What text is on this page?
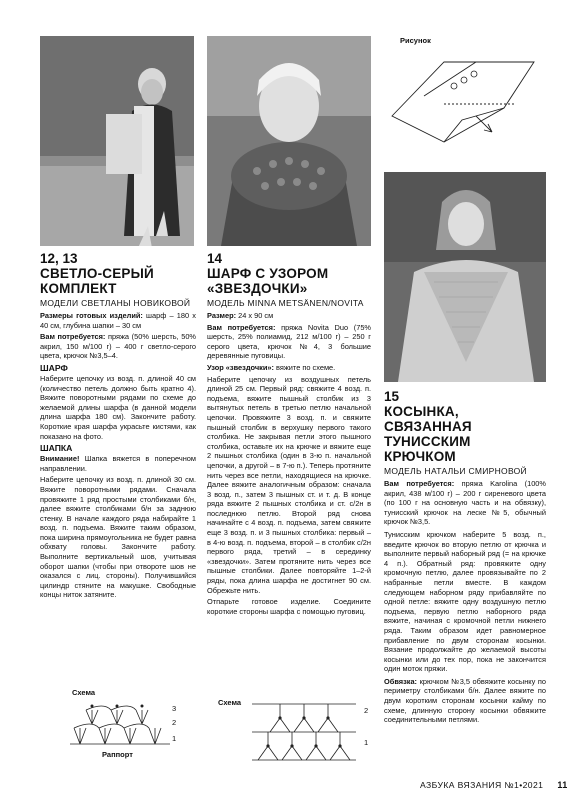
12, 13
СВЕТЛО-СЕРЫЙ
КОМПЛЕКТ
МОДЕЛИ СВЕТЛАНЫ НОВИКОВОЙ

Размеры готовых изделий: шарф – 180 х 40 см, глубина шапки – 30 см

Вам потребуется: пряжа (50% шерсть, 50% акрил, 150 м/100 г) – 400 г светло-серого цвета, крючок №3,5–4.

ШАРФ

Наберите цепочку из возд. п. длиной 40 см (количество петель должно быть кратно 4). Вяжите поворотными рядами по схеме до желаемой длины шарфа (в данной модели длина шарфа 180 см). Закончите работу. Короткие края шарфа украсьте кистями, как показано на фото.

ШАПКА

Внимание! Шапка вяжется в поперечном направлении.

Наберите цепочку из возд. п. длиной 30 см. Вяжите поворотными рядами. Сначала провяжите 1 ряд простыми столбиками б/н, далее вяжите столбиками б/н за заднюю стенку. В начале каждого ряда набирайте 1 возд. п. подъема. Вяжите таким образом, пока ширина прямоугольника не будет равна обхвату головы. Закончите работу. Выполните вертикальный шов, учитывая оборот шапки (чтобы при отвороте шов не оказался с лиц. стороны). Получившийся цилиндр стяните на макушке. Свободные концы ниток затяните.

Схема
3
2
1
Раппорт
14
ШАРФ С УЗОРОМ
«ЗВЕЗДОЧКИ»
МОДЕЛЬ MINNA METSÄNEN/NOVITA

Размер: 24 х 90 см

Вам потребуется: пряжа Novita Duo (75% шерсть, 25% полиамид, 212 м/100 г) – 250 г серого цвета, крючок №4, 3 большие деревянные пуговицы.

Узор «звездочки»: вяжите по схеме.

Наберите цепочку из воздушных петель длиной 25 см. Первый ряд: свяжите 4 возд. п. подъема, вяжите пышный столбик из 3 вытянутых петель в третью петлю начальной цепочки. Провяжите 3 возд. п. и свяжите пышный столбик в верхушку первого такого столбика. Не закрывая петли этого пышного столбика, оставьте их на крючке и вяжите еще 2 пышных столбика (один в 3-ю п. начальной цепочки, а другой – в 7-ю п.). Теперь протяните нить через все петли, находящиеся на крючке. Далее вяжите аналогичным образом: сначала 3 возд. п., затем 3 пышных ст. и т. д. В конце ряда вяжите 2 пышных столбика и ст. с/2н в последнюю петлю. Второй ряд снова начинайте с 4 возд. п. подъема, затем свяжите еще 3 возд. п. и 3 пышных столбика: первый – в 4-ю возд. п. подъема, второй – в столбик с/2н первого ряда, третий – в серединку «звездочки». Затем протяните нить через все пышные столбики. Далее повторяйте 1–2-й ряды, пока длина шарфа не достигнет 90 см. Обрежьте нить.

Отпарьте готовое изделие. Соедините короткие стороны шарфа с помощью пуговиц.

Схема
2
1
Рисунок
15
КОСЫНКА, СВЯЗАННАЯ
ТУНИССКИМ КРЮЧКОМ
МОДЕЛЬ НАТАЛЬИ СМИРНОВОЙ

Вам потребуется: пряжа Karolina (100% акрил, 438 м/100 г) – 200 г сиреневого цвета (по 100 г на основную часть и на обвязку), тунисский крючок на леске №5, обычный крючок №3,5.

Тунисским крючком наберите 5 возд. п., введите крючок во вторую петлю от крючка и выполните первый наборный ряд (= на крючке 4 п.). Обратный ряд: провяжите одну кромочную петлю, далее провязывайте по 2 набранные петли вместе. В каждом следующем наборном ряду прибавляйте по одной петле: вяжите одну воздушную петлю подъема, первую петлю наборного ряда вяжите, начиная с кромочной петли нижнего ряда. Таким образом идет равномерное прибавление по двум сторонам косынки. Вязание продолжайте до желаемой высоты косынки или до тех пор, пока не закончится один моток пряжи.

Обвязка: крючком №3,5 обвяжите косынку по периметру столбиками б/н. Далее вяжите по двум коротким сторонам косынки кайму по схеме, длинную сторону косынки обвяжите соединительными петлями.

АЗБУКА ВЯЗАНИЯ №1•2021 11
